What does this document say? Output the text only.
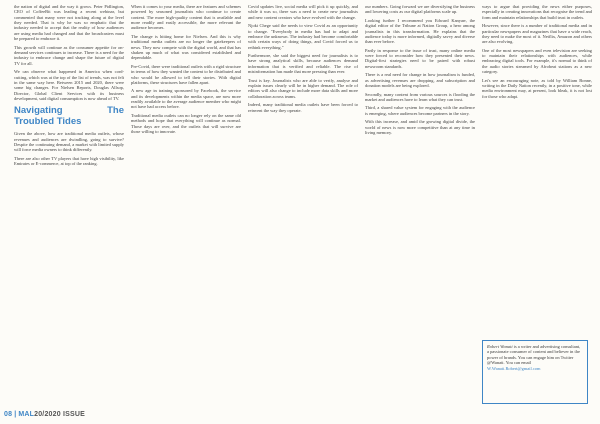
the nation of digital and the way it grows. Peter Pidlington, CEO of CoffeeBit was leading a recent webinar, but commented that many were not tracking along at the level they needed. That is why he was so emphatic that the industry needed to accept that the reality of how audiences are using media had changed and that the broadcasters must be prepared to embrace it.

This growth will continue as the consumer appetite for on-demand services continues to increase. There is a need for the industry to embrace change and shape the future of digital TV for all.

We can observe what happened in America when cord-cutting, which was at the top of the list of trends, was not felt in the same way here. Between 2015 and 2020, there were some big changes. For Nielsen Reports, Douglas Allsop, Director, Global Client Services with its business development, said digital consumption is now ahead of TV.

Navigating The Troubled Tides

Given the above, how are traditional media outlets, whose revenues and audiences are dwindling, going to survive? Despite the continuing demand, a market with limited supply will force media owners to think differently.

There are also other TV players that have high visibility, like Emirates or E-commerce, at top of the ranking.

When it comes to your media, there are features and schemes powered by seasoned journalists who continue to create content. The more high-quality content that is available and more readily and easily accessible, the more relevant the audience becomes.

The change is hitting home for Nielsen. And this is why traditional media outlets are no longer the gatekeepers of news. They now compete with the digital world, and that has shaken up much of what was considered established and dependable.

Pre-Covid, there were traditional outlets with a rigid structure in terms of how they wanted the content to be distributed and who would be allowed to tell their stories. With digital platforms, these structures have fallen apart.

A new age in training sponsored by Facebook, the service and its developments within the media space, are now more readily available to the average audience member who might not have had access before.

Traditional media outlets can no longer rely on the same old methods and hope that everything will continue as normal. Those days are over, and the outlets that will survive are those willing to innovate.

Covid updates live, social media will pick it up quickly, and while it was so, there was a need to create new journalists and new content creators who have evolved with the change.

Njoki Chege said the needs to view Covid as an opportunity to change. "Everybody in media has had to adapt and embrace the unknown. The industry had become comfortable with certain ways of doing things, and Covid forced us to rethink everything."

Furthermore, she said the biggest need for journalists is to have strong analytical skills, because audiences demand information that is verified and reliable. The rise of misinformation has made that more pressing than ever.

Trust is key. Journalists who are able to verify, analyse and explain issues clearly will be in higher demand. The role of editors will also change to include more data skills and more collaboration across teams.

Indeed, many traditional media outlets have been forced to reinvent the way they operate.

our numbers. Going forward we are diversifying the business and lowering costs as our digital platforms scale up.

Looking further I recommend you Edward Kanyarr, the digital editor of the Tribune at Nation Group, a hero among journalists in this transformation. He explains that the audience today is more informed, digitally savvy and diverse than ever before.

Partly in response to the issue of trust, many online media were forced to reconsider how they presented their news. Digital-first strategies need to be paired with robust newsroom standards.

There is a real need for change in how journalism is funded, as advertising revenues are dropping, and subscription and donation models are being explored.

Secondly, many content from various sources is flooding the market and audiences have to learn what they can trust.

Third, a shared value system for engaging with the audience is emerging, where audiences become partners in the story.

With this increase, and amid the growing digital divide, the world of news is now more competitive than at any time in living memory.

ways to argue that providing the news either purposes, especially in creating innovations that recognise the trend and form and maintain relationships that build trust in outlets.

However, since there is a number of traditional media and in particular newspapers and magazines that have a wide reach, they need to make the most of it. Netflix, Amazon and others are also evolving.

One of the most newspapers and even television are seeking to maintain their relationships with audiences, while embracing digital tools. For example, it's normal to think of the audio stories streamed by Afrobeat stations as a new category.

Let's see an encouraging note, as told by William Bonne, writing in the Daily Nation recently, in a positive tone, while media environment may, at present, look bleak, it is not lost for those who adapt.

Robert Wanati is a writer and advertising consultant, a passionate consumer of content and believer in the power of brands. You can engage him on Twitter @Wanati. You can email W.Wanati.Robert@gmail.com
08 | MAL20/2020 ISSUE
